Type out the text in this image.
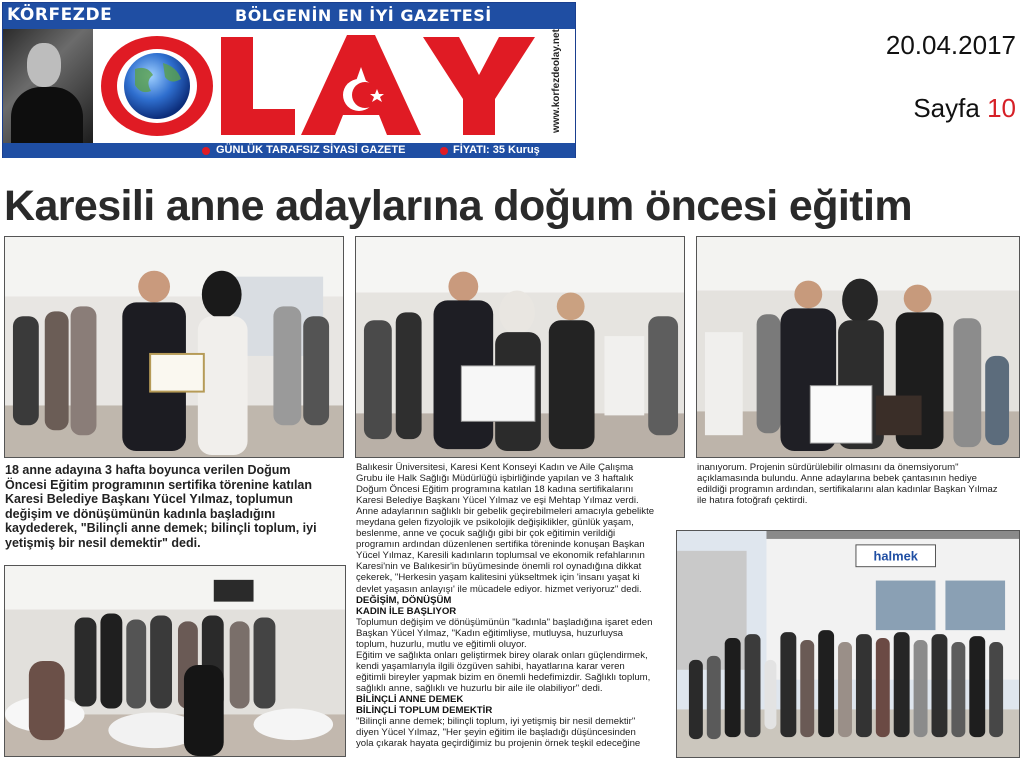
KÖRFEZDE	BÖLGENİN EN İYİ GAZETESİ
www.korfezdeolay.net
GÜNLÜK TARAFSIZ SİYASİ GAZETE	FİYATI: 35 Kuruş
20.04.2017
Sayfa 10
Karesili anne adaylarına doğum öncesi eğitim

18 anne adayına 3 hafta boyunca verilen Doğum

Öncesi Eğitim programının sertifika törenine katılan

Karesi Belediye Başkanı Yücel Yılmaz, toplumun

değişim ve dönüşümünün kadınla başladığını

kaydederek, "Bilinçli anne demek; bilinçli toplum, iyi

yetişmiş bir nesil demektir" dedi.

Balıkesir Üniversitesi, Karesi Kent Konseyi Kadın ve Aile Çalışma

Grubu ile Halk Sağlığı Müdürlüğü işbirliğinde yapılan ve 3 haftalık

Doğum Öncesi Eğitim programına katılan 18 kadına sertifikalarını

Karesi Belediye Başkanı Yücel Yılmaz ve eşi Mehtap Yılmaz verdi.

Anne adaylarının sağlıklı bir gebelik geçirebilmeleri amacıyla gebelikte

meydana gelen fizyolojik ve psikolojik değişiklikler, günlük yaşam,

beslenme, anne ve çocuk sağlığı gibi bir çok eğitimin verildiği

programın ardından düzenlenen sertifika töreninde konuşan Başkan

Yücel Yılmaz, Karesili kadınların toplumsal ve ekonomik refahlarının

Karesi'nin ve Balıkesir'in büyümesinde önemli rol oynadığına dikkat

çekerek, "Herkesin yaşam kalitesini yükseltmek için 'insanı yaşat ki

devlet yaşasın anlayışı' ile mücadele ediyor. hizmet veriyoruz" dedi.

DEĞİŞİM, DÖNÜŞÜM

KADIN İLE BAŞLIYOR

Toplumun değişim ve dönüşümünün "kadınla" başladığına işaret eden

Başkan Yücel Yılmaz, "Kadın eğitimliyse, mutluysa, huzurluysa

toplum, huzurlu, mutlu ve eğitimli oluyor.

Eğitim ve sağlıkta onları geliştirmek birey olarak onları güçlendirmek,

kendi yaşamlarıyla ilgili özgüven sahibi, hayatlarına karar veren

eğitimli bireyler yapmak bizim en önemli hedefimizdir. Sağlıklı toplum,

sağlıklı anne, sağlıklı ve huzurlu bir aile ile olabiliyor" dedi.

BİLİNÇLİ ANNE DEMEK

BİLİNÇLİ TOPLUM DEMEKTİR

"Bilinçli anne demek; bilinçli toplum, iyi yetişmiş bir nesil demektir"

diyen Yücel Yılmaz, "Her şeyin eğitim ile başladığı düşüncesinden

yola çıkarak hayata geçirdiğimiz bu projenin örnek teşkil edeceğine

inanıyorum. Projenin sürdürülebilir olmasını da önemsiyorum"

açıklamasında bulundu. Anne adaylarına bebek çantasının hediye

edildiği programın ardından, sertifikalarını alan kadınlar Başkan Yılmaz

ile hatıra fotoğrafı çektirdi.

halmek
